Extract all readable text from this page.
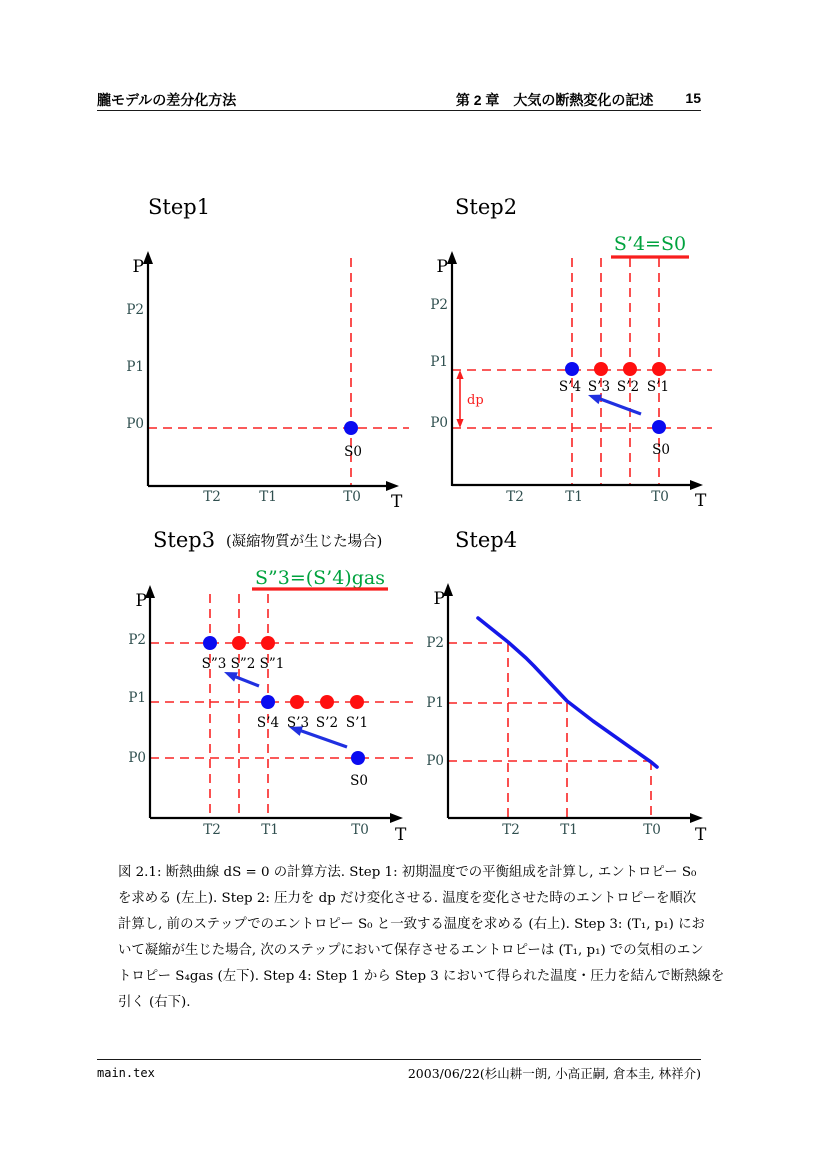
朧モデルの差分化方法	第 2 章 大気の断熱変化の記述 15
Step1
P
T
P2
P1
P0
T2	T1	T0
S0
Step2
S’4=S0
P
T
P2
P1
P0
T2	T1	T0
dp
S’4 S’3 S’2 S’1
S0
Step3 (凝縮物質が生じた場合)
S”3=(S’4)gas
P
T
P2
P1
P0
T2	T1	T0
S”3 S”2 S”1
S’4 S’3 S’2 S’1
S0
Step4
P
T
P2
P1
P0
T2	T1	T0
図 2.1: 断熱曲線 dS = 0 の計算方法. Step 1: 初期温度での平衡組成を計算し, エントロピー S₀
を求める (左上). Step 2: 圧力を dp だけ変化させる. 温度を変化させた時のエントロピーを順次
計算し, 前のステップでのエントロピー S₀ と一致する温度を求める (右上). Step 3: (T₁, p₁) にお
いて凝縮が生じた場合, 次のステップにおいて保存させるエントロピーは (T₁, p₁) での気相のエン
トロピー S₄gas (左下). Step 4: Step 1 から Step 3 において得られた温度・圧力を結んで断熱線を
引く (右下).
main.tex	2003/06/22(杉山耕一朗, 小高正嗣, 倉本圭, 林祥介)
